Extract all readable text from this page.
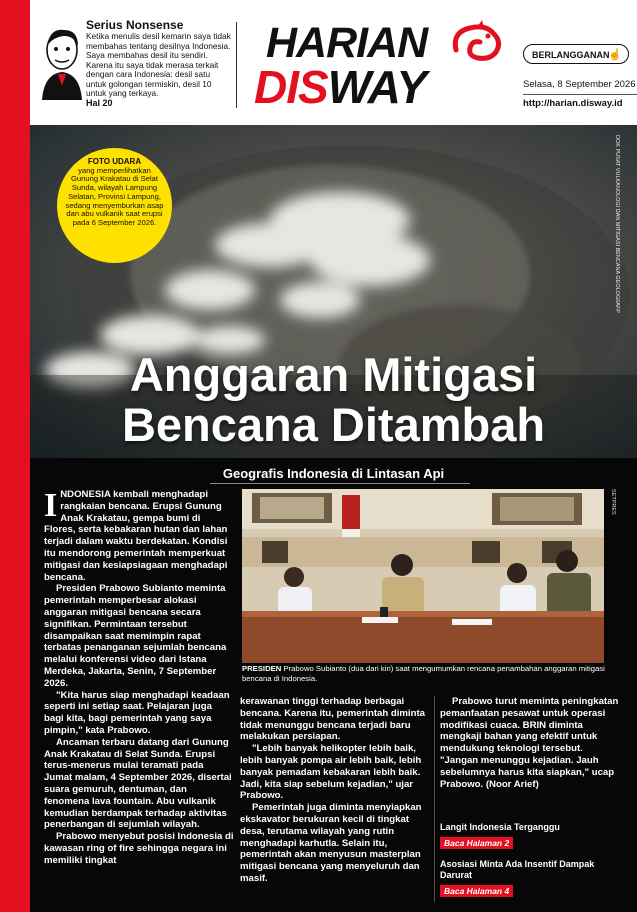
Serius Nonsense
Ketika menulis desil kemarin saya tidak membahas tentang desilnya Indonesia. Saya membahas desil itu sendiri. Karena itu saya tidak merasa terkait dengan cara Indonesia: desil satu untuk golongan termiskin, desil 10 untuk yang terkaya.
Hal 20
HARIAN
DISWAY
BERLANGGANAN
☝
Selasa, 8 September 2026
http://harian.disway.id
FOTO UDARA
yang memperlihatkan Gunung Krakatau di Selat Sunda, wilayah Lampung Selatan, Provinsi Lampung, sedang menyemburkan asap dan abu vulkanik saat erupsi pada 6 September 2026.	DOK PUSAT VULKANOLOGI DAN MITIGASI BENCANA GEOLOGI/AFP
Anggaran Mitigasi
Bencana Ditambah
Geografis Indonesia di Lintasan Api

INDONESIA kembali menghadapi rangkaian bencana. Erupsi Gunung Anak Krakatau, gempa bumi di Flores, serta kebakaran hutan dan lahan terjadi dalam waktu berdekatan. Kondisi itu mendorong pemerintah memperkuat mitigasi dan kesiapsiagaan menghadapi bencana.

Presiden Prabowo Subianto meminta pemerintah memperbesar alokasi anggaran mitigasi bencana secara signifikan. Permintaan tersebut disampaikan saat memimpin rapat terbatas penanganan sejumlah bencana melalui konferensi video dari Istana Merdeka, Jakarta, Senin, 7 September 2026.

"Kita harus siap menghadapi keadaan seperti ini setiap saat. Pelajaran juga bagi kita, bagi pemerintah yang saya pimpin," kata Prabowo.

Ancaman terbaru datang dari Gunung Anak Krakatau di Selat Sunda. Erupsi terus-menerus mulai teramati pada Jumat malam, 4 September 2026, disertai suara gemuruh, dentuman, dan fenomena lava fountain. Abu vulkanik kemudian berdampak terhadap aktivitas penerbangan di sejumlah wilayah.

Prabowo menyebut posisi Indonesia di kawasan ring of fire sehingga negara ini memiliki tingkat

SETPRES
PRESIDEN Prabowo Subianto (dua dari kiri) saat mengumumkan rencana penambahan anggaran mitigasi bencana di Indonesia.

kerawanan tinggi terhadap berbagai bencana. Karena itu, pemerintah diminta tidak menunggu bencana terjadi baru melakukan persiapan.

"Lebih banyak helikopter lebih baik, lebih banyak pompa air lebih baik, lebih banyak pemadam kebakaran lebih baik. Jadi, kita siap sebelum kejadian," ujar Prabowo.

Pemerintah juga diminta menyiapkan ekskavator berukuran kecil di tingkat desa, terutama wilayah yang rutin menghadapi karhutla. Selain itu, pemerintah akan menyusun masterplan mitigasi bencana yang menyeluruh dan masif.

Prabowo turut meminta peningkatan pemanfaatan pesawat untuk operasi modifikasi cuaca. BRIN diminta mengkaji bahan yang efektif untuk mendukung teknologi tersebut. "Jangan menunggu kejadian. Jauh sebelumnya harus kita siapkan," ucap Prabowo. (Noor Arief)

Langit Indonesia Terganggu

Baca Halaman 2

Asosiasi Minta Ada Insentif Dampak Darurat

Baca Halaman 4
